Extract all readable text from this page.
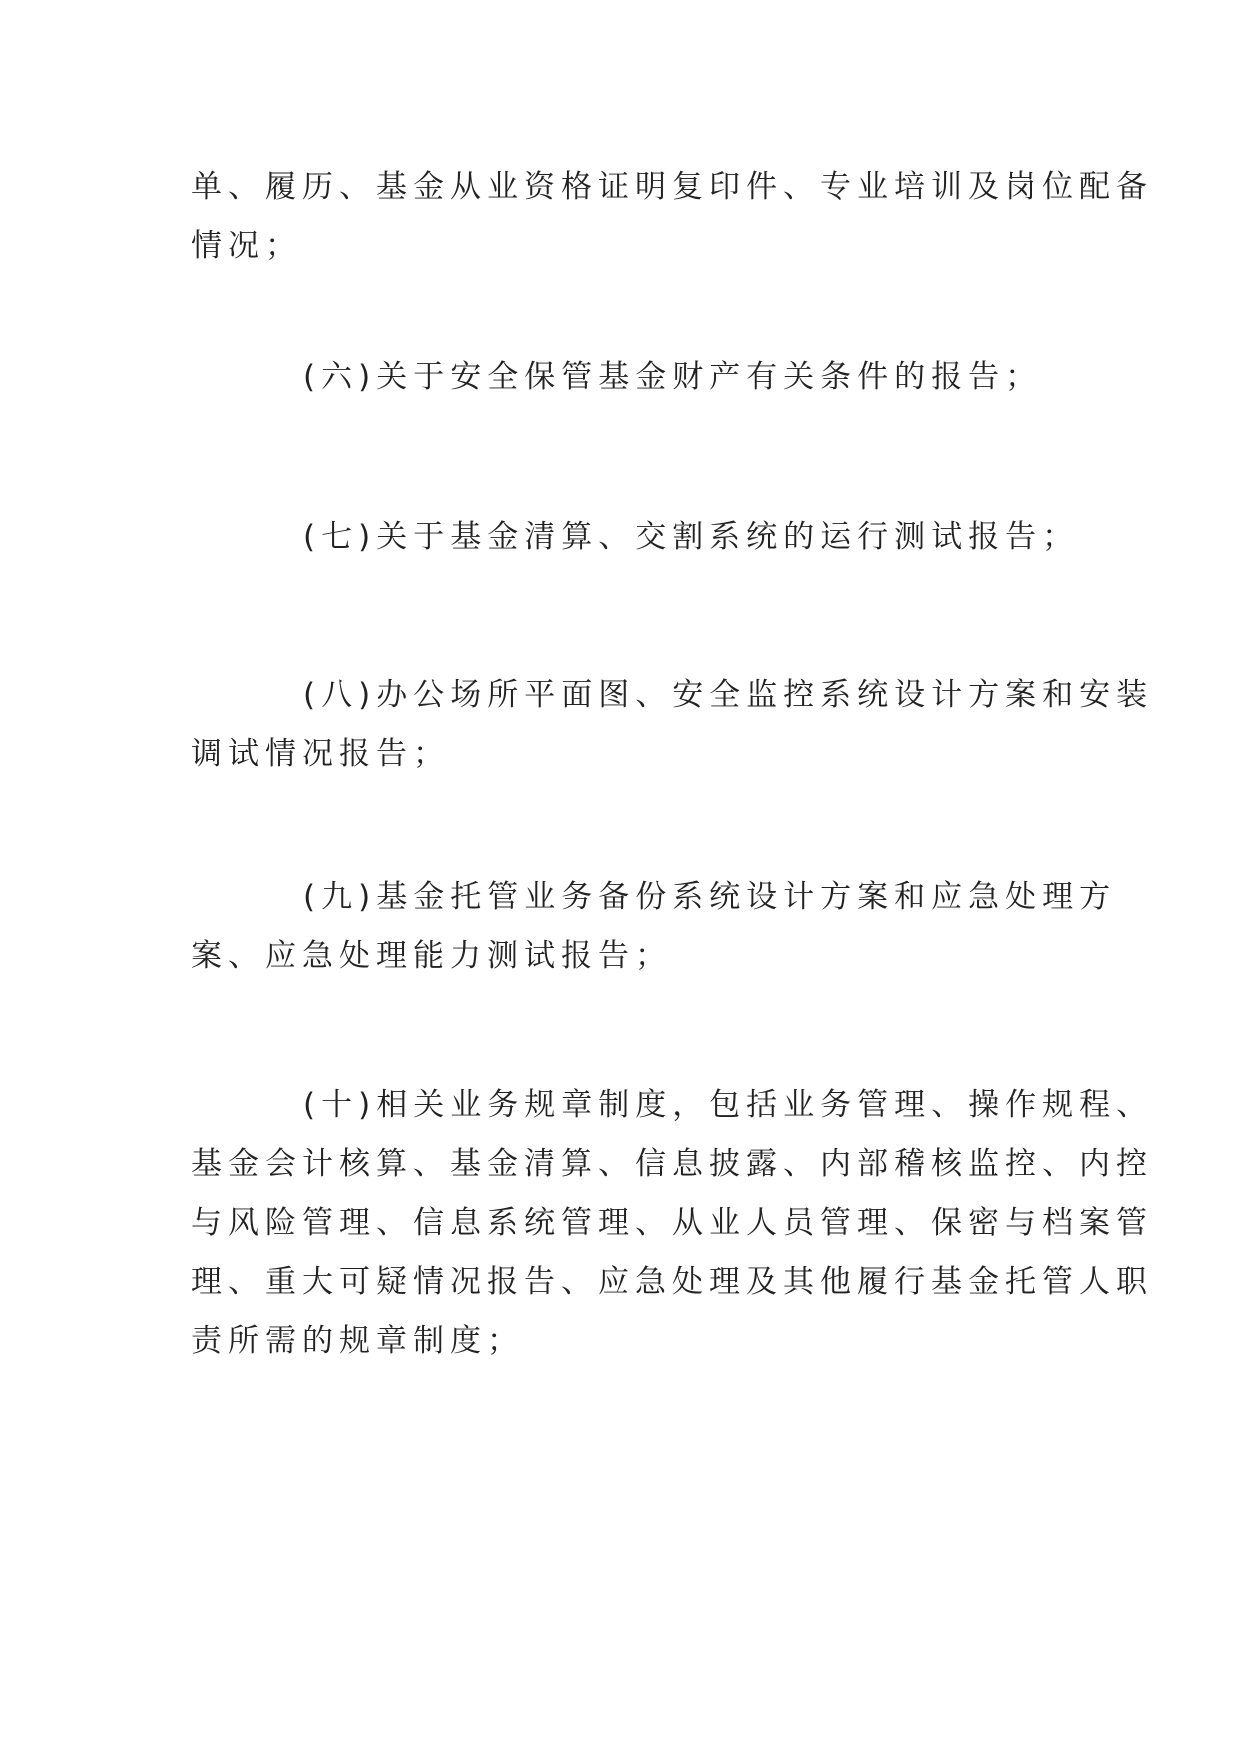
单、履历、基金从业资格证明复印件、专业培训及岗位配备
情况；

(六)关于安全保管基金财产有关条件的报告；

(七)关于基金清算、交割系统的运行测试报告；

(八)办公场所平面图、安全监控系统设计方案和安装
调试情况报告；

(九)基金托管业务备份系统设计方案和应急处理方
案、应急处理能力测试报告；

(十)相关业务规章制度，包括业务管理、操作规程、
基金会计核算、基金清算、信息披露、内部稽核监控、内控
与风险管理、信息系统管理、从业人员管理、保密与档案管
理、重大可疑情况报告、应急处理及其他履行基金托管人职
责所需的规章制度；
